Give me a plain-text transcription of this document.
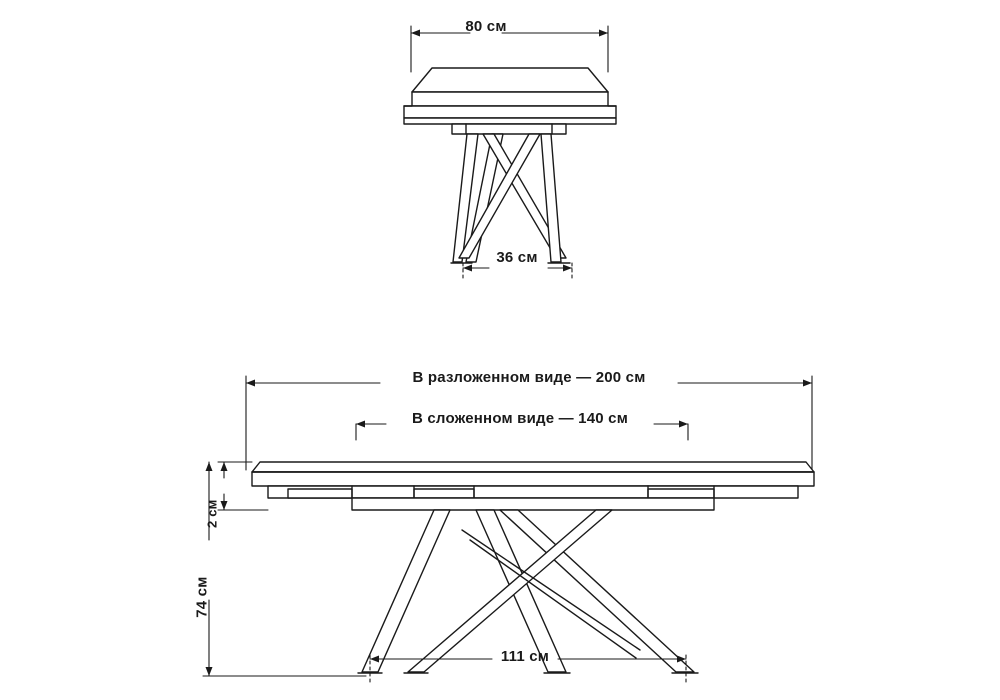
80 см
36 см
В разложенном виде — 200 см
В сложенном виде — 140 см
2 см
74 см
111 см
